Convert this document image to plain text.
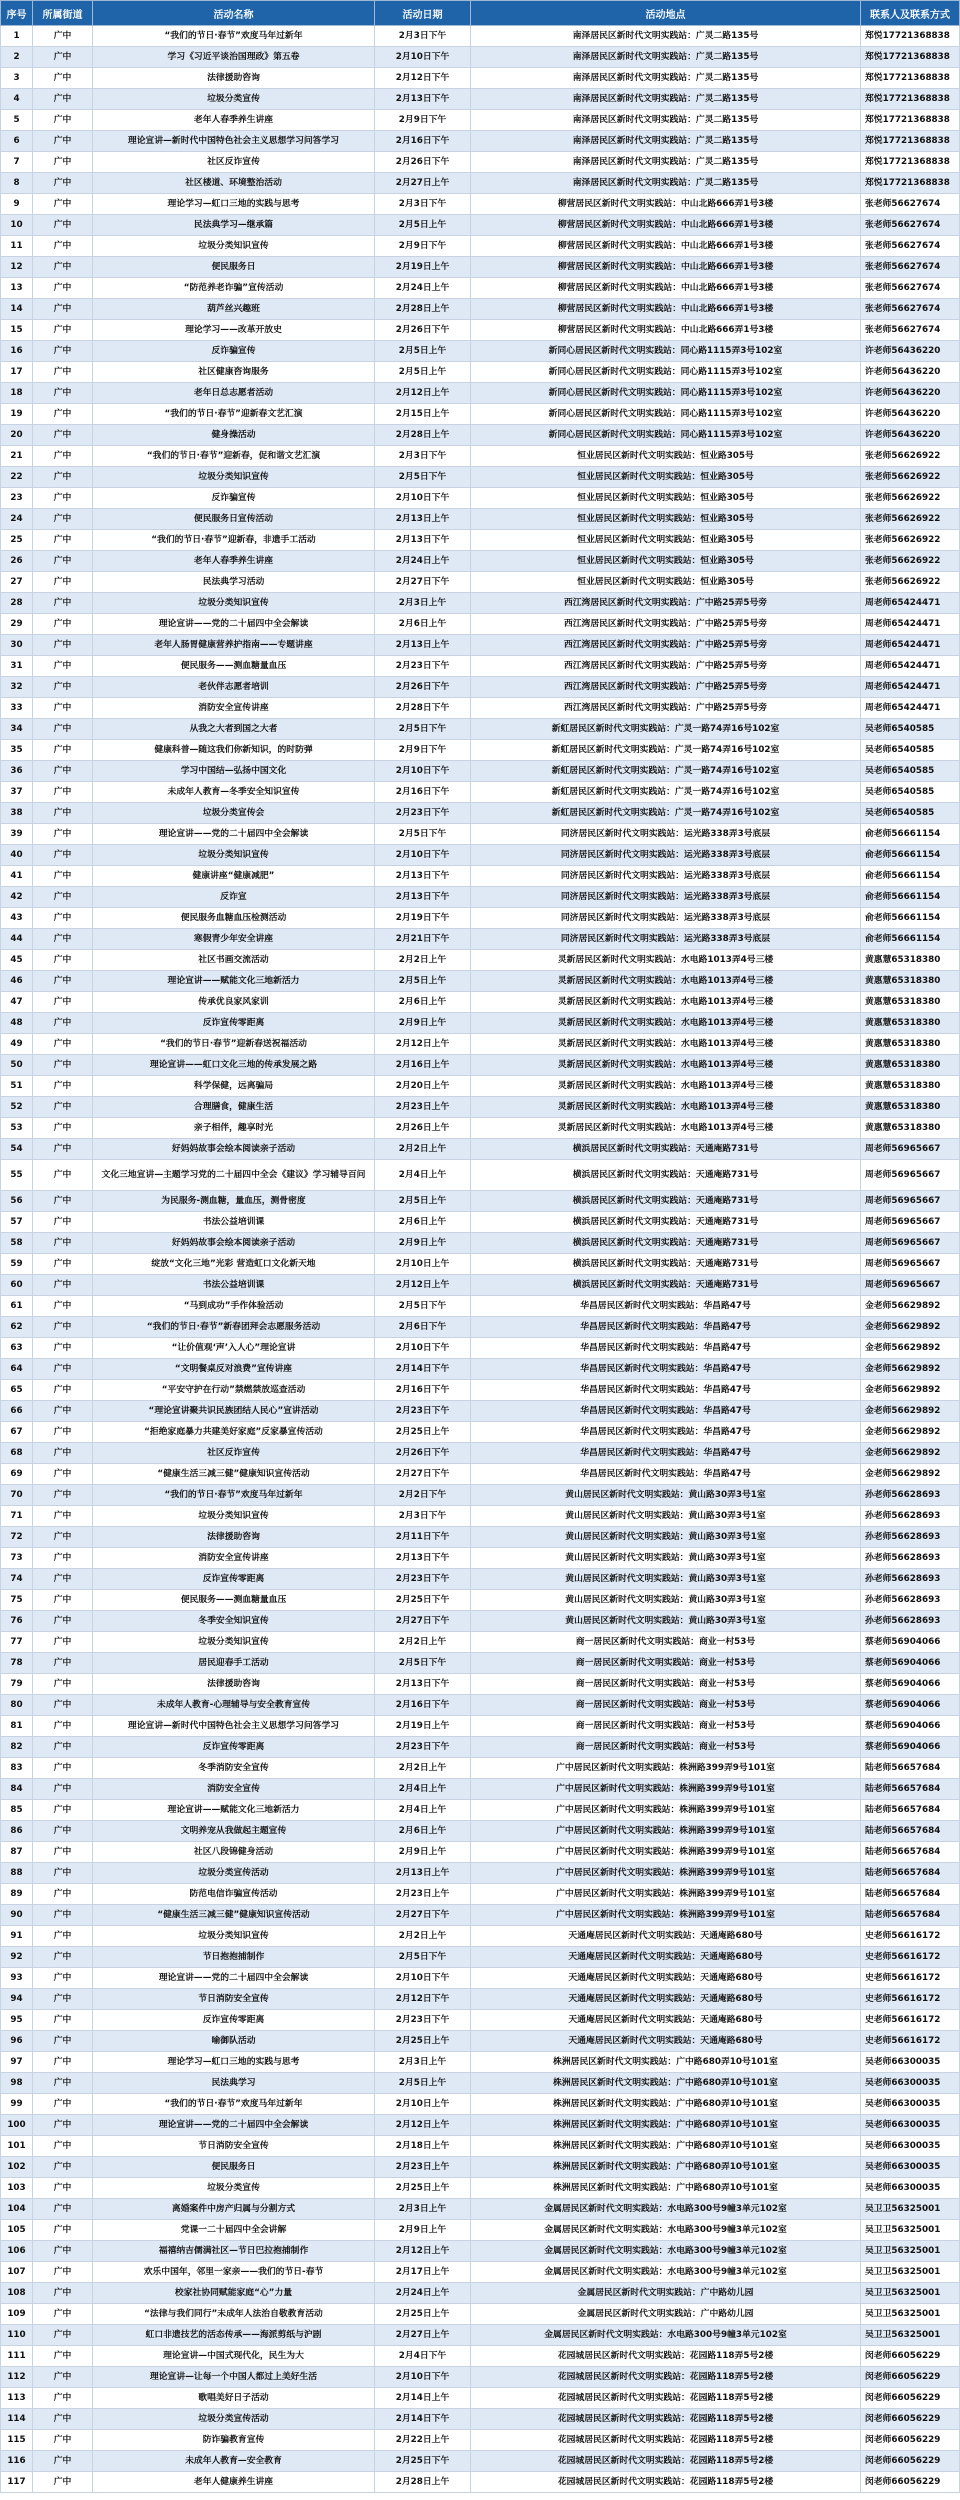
序号	所属街道	活动名称	活动日期	活动地点	联系人及联系方式
1	广中	“我们的节日·春节”欢度马年过新年	2月3日下午	南泽居民区新时代文明实践站：广灵二路135号	郑悦17721368838
2	广中	学习《习近平谈治国理政》第五卷	2月10日下午	南泽居民区新时代文明实践站：广灵二路135号	郑悦17721368838
3	广中	法律援助咨询	2月12日下午	南泽居民区新时代文明实践站：广灵二路135号	郑悦17721368838
4	广中	垃圾分类宣传	2月13日下午	南泽居民区新时代文明实践站：广灵二路135号	郑悦17721368838
5	广中	老年人春季养生讲座	2月9日下午	南泽居民区新时代文明实践站：广灵二路135号	郑悦17721368838
6	广中	理论宣讲—新时代中国特色社会主义思想学习问答学习	2月16日下午	南泽居民区新时代文明实践站：广灵二路135号	郑悦17721368838
7	广中	社区反诈宣传	2月26日下午	南泽居民区新时代文明实践站：广灵二路135号	郑悦17721368838
8	广中	社区楼道、环境整治活动	2月27日上午	南泽居民区新时代文明实践站：广灵二路135号	郑悦17721368838
9	广中	理论学习—虹口三地的实践与思考	2月3日下午	柳营居民区新时代文明实践站：中山北路666弄1号3楼	张老师56627674
10	广中	民法典学习—继承篇	2月5日上午	柳营居民区新时代文明实践站：中山北路666弄1号3楼	张老师56627674
11	广中	垃圾分类知识宣传	2月9日下午	柳营居民区新时代文明实践站：中山北路666弄1号3楼	张老师56627674
12	广中	便民服务日	2月19日上午	柳营居民区新时代文明实践站：中山北路666弄1号3楼	张老师56627674
13	广中	“防范养老诈骗”宣传活动	2月24日上午	柳营居民区新时代文明实践站：中山北路666弄1号3楼	张老师56627674
14	广中	葫芦丝兴趣班	2月28日上午	柳营居民区新时代文明实践站：中山北路666弄1号3楼	张老师56627674
15	广中	理论学习——改革开放史	2月26日下午	柳营居民区新时代文明实践站：中山北路666弄1号3楼	张老师56627674
16	广中	反诈骗宣传	2月5日上午	新同心居民区新时代文明实践站：同心路1115弄3号102室	许老师56436220
17	广中	社区健康咨询服务	2月5日上午	新同心居民区新时代文明实践站：同心路1115弄3号102室	许老师56436220
18	广中	老年日总志愿者活动	2月12日上午	新同心居民区新时代文明实践站：同心路1115弄3号102室	许老师56436220
19	广中	“我们的节日·春节”迎新春文艺汇演	2月15日上午	新同心居民区新时代文明实践站：同心路1115弄3号102室	许老师56436220
20	广中	健身操活动	2月28日上午	新同心居民区新时代文明实践站：同心路1115弄3号102室	许老师56436220
21	广中	“我们的节日·春节”迎新春，促和谐文艺汇演	2月3日下午	恒业居民区新时代文明实践站：恒业路305号	张老师56626922
22	广中	垃圾分类知识宣传	2月5日下午	恒业居民区新时代文明实践站：恒业路305号	张老师56626922
23	广中	反诈骗宣传	2月10日下午	恒业居民区新时代文明实践站：恒业路305号	张老师56626922
24	广中	便民服务日宣传活动	2月13日上午	恒业居民区新时代文明实践站：恒业路305号	张老师56626922
25	广中	“我们的节日·春节”迎新春，非遗手工活动	2月13日下午	恒业居民区新时代文明实践站：恒业路305号	张老师56626922
26	广中	老年人春季养生讲座	2月24日上午	恒业居民区新时代文明实践站：恒业路305号	张老师56626922
27	广中	民法典学习活动	2月27日下午	恒业居民区新时代文明实践站：恒业路305号	张老师56626922
28	广中	垃圾分类知识宣传	2月3日上午	西江湾居民区新时代文明实践站：广中路25弄5号旁	周老师65424471
29	广中	理论宣讲——党的二十届四中全会解读	2月6日上午	西江湾居民区新时代文明实践站：广中路25弄5号旁	周老师65424471
30	广中	老年人肠胃健康营养护指南——专题讲座	2月13日上午	西江湾居民区新时代文明实践站：广中路25弄5号旁	周老师65424471
31	广中	便民服务——测血糖量血压	2月23日下午	西江湾居民区新时代文明实践站：广中路25弄5号旁	周老师65424471
32	广中	老伙伴志愿者培训	2月26日下午	西江湾居民区新时代文明实践站：广中路25弄5号旁	周老师65424471
33	广中	消防安全宣传讲座	2月28日下午	西江湾居民区新时代文明实践站：广中路25弄5号旁	周老师65424471
34	广中	从我之大者到国之大者	2月5日下午	新虹居民区新时代文明实践站：广灵一路74弄16号102室	吴老师6540585
35	广中	健康科普—随这我们你新知识，的时防弹	2月9日下午	新虹居民区新时代文明实践站：广灵一路74弄16号102室	吴老师6540585
36	广中	学习中国结—弘扬中国文化	2月10日下午	新虹居民区新时代文明实践站：广灵一路74弄16号102室	吴老师6540585
37	广中	未成年人教育—冬季安全知识宣传	2月16日下午	新虹居民区新时代文明实践站：广灵一路74弄16号102室	吴老师6540585
38	广中	垃圾分类宣传会	2月23日下午	新虹居民区新时代文明实践站：广灵一路74弄16号102室	吴老师6540585
39	广中	理论宣讲——党的二十届四中全会解读	2月5日下午	同济居民区新时代文明实践站：运光路338弄3号底层	俞老师56661154
40	广中	垃圾分类知识宣传	2月10日下午	同济居民区新时代文明实践站：运光路338弄3号底层	俞老师56661154
41	广中	健康讲座“健康减肥”	2月13日下午	同济居民区新时代文明实践站：运光路338弄3号底层	俞老师56661154
42	广中	反诈宣	2月13日下午	同济居民区新时代文明实践站：运光路338弄3号底层	俞老师56661154
43	广中	便民服务血糖血压检测活动	2月19日下午	同济居民区新时代文明实践站：运光路338弄3号底层	俞老师56661154
44	广中	寒假青少年安全讲座	2月21日下午	同济居民区新时代文明实践站：运光路338弄3号底层	俞老师56661154
45	广中	社区书画交流活动	2月2日上午	灵新居民区新时代文明实践站：水电路1013弄4号三楼	黄惠慧65318380
46	广中	理论宣讲——赋能文化三地新活力	2月5日上午	灵新居民区新时代文明实践站：水电路1013弄4号三楼	黄惠慧65318380
47	广中	传承优良家风家训	2月6日上午	灵新居民区新时代文明实践站：水电路1013弄4号三楼	黄惠慧65318380
48	广中	反诈宣传零距离	2月9日上午	灵新居民区新时代文明实践站：水电路1013弄4号三楼	黄惠慧65318380
49	广中	“我们的节日·春节”迎新春送祝福活动	2月12日上午	灵新居民区新时代文明实践站：水电路1013弄4号三楼	黄惠慧65318380
50	广中	理论宣讲——虹口文化三地的传承发展之路	2月16日上午	灵新居民区新时代文明实践站：水电路1013弄4号三楼	黄惠慧65318380
51	广中	科学保健，远离骗局	2月20日上午	灵新居民区新时代文明实践站：水电路1013弄4号三楼	黄惠慧65318380
52	广中	合理膳食，健康生活	2月23日上午	灵新居民区新时代文明实践站：水电路1013弄4号三楼	黄惠慧65318380
53	广中	亲子相伴，趣享时光	2月26日上午	灵新居民区新时代文明实践站：水电路1013弄4号三楼	黄惠慧65318380
54	广中	好妈妈故事会绘本阅读亲子活动	2月2日上午	横浜居民区新时代文明实践站：天通庵路731号	周老师56965667
55	广中	文化三地宣讲—主题学习党的二十届四中全会《建议》学习辅导百问	2月4日上午	横浜居民区新时代文明实践站：天通庵路731号	周老师56965667
56	广中	为民服务-测血糖，量血压，测骨密度	2月5日上午	横浜居民区新时代文明实践站：天通庵路731号	周老师56965667
57	广中	书法公益培训课	2月6日上午	横浜居民区新时代文明实践站：天通庵路731号	周老师56965667
58	广中	好妈妈故事会绘本阅读亲子活动	2月9日上午	横浜居民区新时代文明实践站：天通庵路731号	周老师56965667
59	广中	绽放“文化三地”光彩 营造虹口文化新天地	2月10日上午	横浜居民区新时代文明实践站：天通庵路731号	周老师56965667
60	广中	书法公益培训课	2月12日上午	横浜居民区新时代文明实践站：天通庵路731号	周老师56965667
61	广中	“马到成功”手作体验活动	2月5日下午	华昌居民区新时代文明实践站：华昌路47号	金老师56629892
62	广中	“我们的节日·春节”新春团拜会志愿服务活动	2月6日下午	华昌居民区新时代文明实践站：华昌路47号	金老师56629892
63	广中	“让价值观‘声’入人心”理论宣讲	2月10日下午	华昌居民区新时代文明实践站：华昌路47号	金老师56629892
64	广中	“文明餐桌反对浪费”宣传讲座	2月14日下午	华昌居民区新时代文明实践站：华昌路47号	金老师56629892
65	广中	“平安守护在行动”禁燃禁放巡查活动	2月16日下午	华昌居民区新时代文明实践站：华昌路47号	金老师56629892
66	广中	“理论宣讲聚共识民族团结人民心”宣讲活动	2月23日下午	华昌居民区新时代文明实践站：华昌路47号	金老师56629892
67	广中	“拒绝家庭暴力共建美好家庭”反家暴宣传活动	2月25日上午	华昌居民区新时代文明实践站：华昌路47号	金老师56629892
68	广中	社区反诈宣传	2月26日下午	华昌居民区新时代文明实践站：华昌路47号	金老师56629892
69	广中	“健康生活三减三健”健康知识宣传活动	2月27日下午	华昌居民区新时代文明实践站：华昌路47号	金老师56629892
70	广中	“我们的节日·春节”欢度马年过新年	2月2日下午	黄山居民区新时代文明实践站：黄山路30弄3号1室	孙老师56628693
71	广中	垃圾分类知识宣传	2月3日下午	黄山居民区新时代文明实践站：黄山路30弄3号1室	孙老师56628693
72	广中	法律援助咨询	2月11日下午	黄山居民区新时代文明实践站：黄山路30弄3号1室	孙老师56628693
73	广中	消防安全宣传讲座	2月13日下午	黄山居民区新时代文明实践站：黄山路30弄3号1室	孙老师56628693
74	广中	反诈宣传零距离	2月23日下午	黄山居民区新时代文明实践站：黄山路30弄3号1室	孙老师56628693
75	广中	便民服务——测血糖量血压	2月25日下午	黄山居民区新时代文明实践站：黄山路30弄3号1室	孙老师56628693
76	广中	冬季安全知识宣传	2月27日下午	黄山居民区新时代文明实践站：黄山路30弄3号1室	孙老师56628693
77	广中	垃圾分类知识宣传	2月2日上午	商一居民区新时代文明实践站：商业一村53号	蔡老师56904066
78	广中	居民迎春手工活动	2月5日下午	商一居民区新时代文明实践站：商业一村53号	蔡老师56904066
79	广中	法律援助咨询	2月13日下午	商一居民区新时代文明实践站：商业一村53号	蔡老师56904066
80	广中	未成年人教育-心理辅导与安全教育宣传	2月16日下午	商一居民区新时代文明实践站：商业一村53号	蔡老师56904066
81	广中	理论宣讲—新时代中国特色社会主义思想学习问答学习	2月19日上午	商一居民区新时代文明实践站：商业一村53号	蔡老师56904066
82	广中	反诈宣传零距离	2月23日下午	商一居民区新时代文明实践站：商业一村53号	蔡老师56904066
83	广中	冬季消防安全宣传	2月2日上午	广中居民区新时代文明实践站：株洲路399弄9号101室	陆老师56657684
84	广中	消防安全宣传	2月4日上午	广中居民区新时代文明实践站：株洲路399弄9号101室	陆老师56657684
85	广中	理论宣讲——赋能文化三地新活力	2月4日上午	广中居民区新时代文明实践站：株洲路399弄9号101室	陆老师56657684
86	广中	文明养宠从我做起主题宣传	2月6日上午	广中居民区新时代文明实践站：株洲路399弄9号101室	陆老师56657684
87	广中	社区八段锦健身活动	2月9日上午	广中居民区新时代文明实践站：株洲路399弄9号101室	陆老师56657684
88	广中	垃圾分类宣传活动	2月13日上午	广中居民区新时代文明实践站：株洲路399弄9号101室	陆老师56657684
89	广中	防范电信诈骗宣传活动	2月23日上午	广中居民区新时代文明实践站：株洲路399弄9号101室	陆老师56657684
90	广中	“健康生活三减三健”健康知识宣传活动	2月27日下午	广中居民区新时代文明实践站：株洲路399弄9号101室	陆老师56657684
91	广中	垃圾分类知识宣传	2月2日上午	天通庵居民区新时代文明实践站：天通庵路680号	史老师56616172
92	广中	节日抱抱捕制作	2月5日下午	天通庵居民区新时代文明实践站：天通庵路680号	史老师56616172
93	广中	理论宣讲——党的二十届四中全会解读	2月10日下午	天通庵居民区新时代文明实践站：天通庵路680号	史老师56616172
94	广中	节日消防安全宣传	2月12日下午	天通庵居民区新时代文明实践站：天通庵路680号	史老师56616172
95	广中	反诈宣传零距离	2月23日下午	天通庵居民区新时代文明实践站：天通庵路680号	史老师56616172
96	广中	喻御队活动	2月25日上午	天通庵居民区新时代文明实践站：天通庵路680号	史老师56616172
97	广中	理论学习—虹口三地的实践与思考	2月3日上午	株洲居民区新时代文明实践站：广中路680弄10号101室	吴老师66300035
98	广中	民法典学习	2月5日上午	株洲居民区新时代文明实践站：广中路680弄10号101室	吴老师66300035
99	广中	“我们的节日·春节”欢度马年过新年	2月10日上午	株洲居民区新时代文明实践站：广中路680弄10号101室	吴老师66300035
100	广中	理论宣讲——党的二十届四中全会解读	2月12日上午	株洲居民区新时代文明实践站：广中路680弄10号101室	吴老师66300035
101	广中	节日消防安全宣传	2月18日上午	株洲居民区新时代文明实践站：广中路680弄10号101室	吴老师66300035
102	广中	便民服务日	2月23日上午	株洲居民区新时代文明实践站：广中路680弄10号101室	吴老师66300035
103	广中	垃圾分类宣传	2月25日上午	株洲居民区新时代文明实践站：广中路680弄10号101室	吴老师66300035
104	广中	离婚案件中房产归属与分割方式	2月3日上午	金属居民区新时代文明实践站：水电路300号9幢3单元102室	吴卫卫56325001
105	广中	党课一二十届四中全会讲解	2月9日上午	金属居民区新时代文明实践站：水电路300号9幢3单元102室	吴卫卫56325001
106	广中	福禧纳吉儒满社区—节日巴拉抱捕制作	2月12日上午	金属居民区新时代文明实践站：水电路300号9幢3单元102室	吴卫卫56325001
107	广中	欢乐中国年，邻里一家亲——我们的节日-春节	2月17日上午	金属居民区新时代文明实践站：水电路300号9幢3单元102室	吴卫卫56325001
108	广中	校家社协同赋能家庭“心”力量	2月24日上午	金属居民区新时代文明实践站：广中路幼儿园	吴卫卫56325001
109	广中	“法律与我们同行”未成年人法治自敬教育活动	2月25日上午	金属居民区新时代文明实践站：广中路幼儿园	吴卫卫56325001
110	广中	虹口非遗技艺的活态传承——海派剪纸与沪剧	2月27日上午	金属居民区新时代文明实践站：水电路300号9幢3单元102室	吴卫卫56325001
111	广中	理论宣讲—中国式现代化，民生为大	2月4日下午	花园城居民区新时代文明实践站：花园路118弄5号2楼	闵老师66056229
112	广中	理论宣讲—让每一个中国人都过上美好生活	2月10日下午	花园城居民区新时代文明实践站：花园路118弄5号2楼	闵老师66056229
113	广中	歌唱美好日子活动	2月14日上午	花园城居民区新时代文明实践站：花园路118弄5号2楼	闵老师66056229
114	广中	垃圾分类宣传活动	2月14日下午	花园城居民区新时代文明实践站：花园路118弄5号2楼	闵老师66056229
115	广中	防诈骗教育宣传	2月22日上午	花园城居民区新时代文明实践站：花园路118弄5号2楼	闵老师66056229
116	广中	未成年人教育—安全教育	2月25日下午	花园城居民区新时代文明实践站：花园路118弄5号2楼	闵老师66056229
117	广中	老年人健康养生讲座	2月28日上午	花园城居民区新时代文明实践站：花园路118弄5号2楼	闵老师66056229
